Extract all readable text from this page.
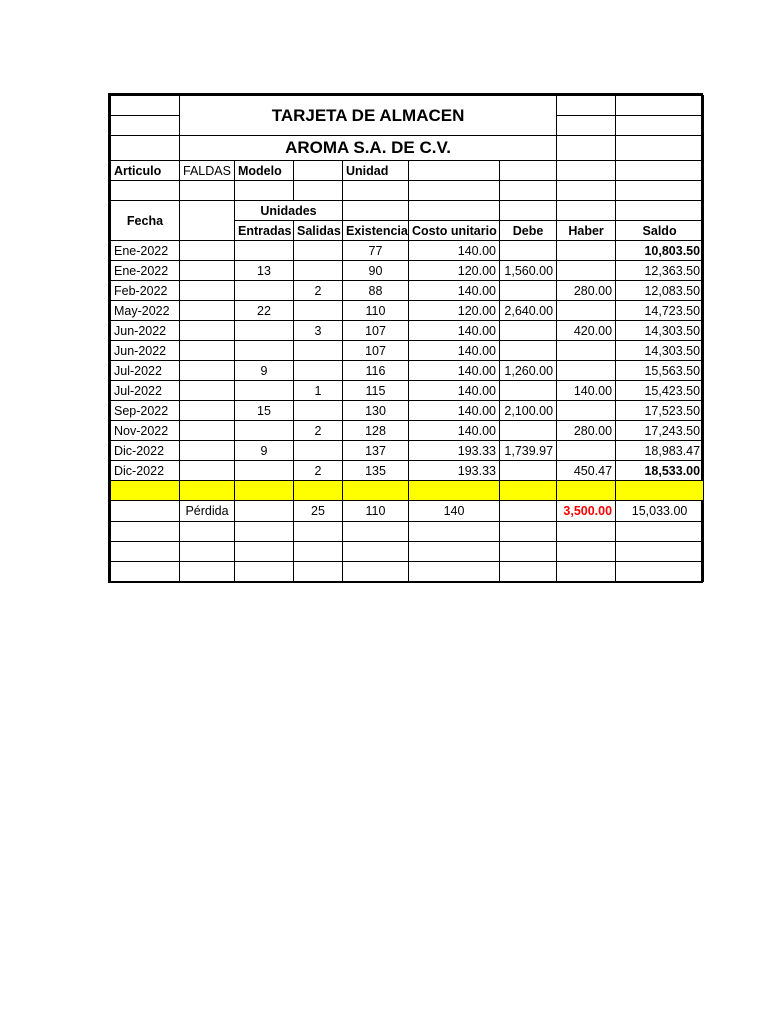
	TARJETA DE ALMACEN							

	AROMA S.A. DE C.V.							
Articulo	FALDAS	Modelo		Unidad				

Fecha		Unidades						
		Entradas	Salidas	Existencia	Costo unitario	Debe	Haber	Saldo
Ene-2022				77	140.00			10,803.50
Ene-2022		13		90	120.00	1,560.00		12,363.50
Feb-2022			2	88	140.00		280.00	12,083.50
May-2022		22		110	120.00	2,640.00		14,723.50
Jun-2022			3	107	140.00		420.00	14,303.50
Jun-2022				107	140.00			14,303.50
Jul-2022		9		116	140.00	1,260.00		15,563.50
Jul-2022			1	115	140.00		140.00	15,423.50
Sep-2022		15		130	140.00	2,100.00		17,523.50
Nov-2022			2	128	140.00		280.00	17,243.50
Dic-2022		9		137	193.33	1,739.97		18,983.47
Dic-2022			2	135	193.33		450.47	18,533.00

	Pérdida		25	110	140		3,500.00	15,033.00
